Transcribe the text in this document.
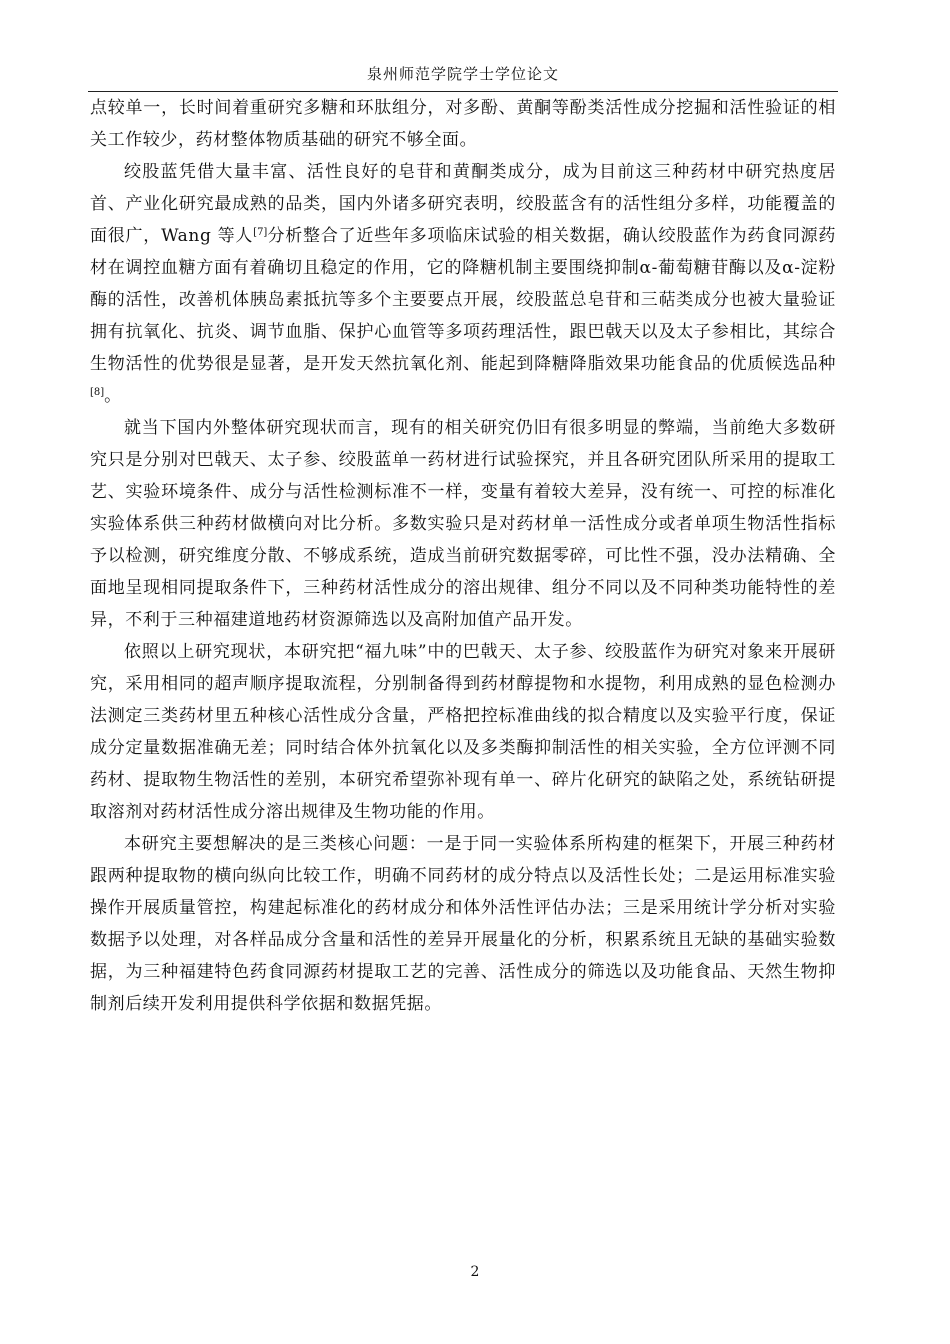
泉州师范学院学士学位论文

点较单一，长时间着重研究多糖和环肽组分，对多酚、黄酮等酚类活性成分挖掘和活性验证的相关工作较少，药材整体物质基础的研究不够全面。

绞股蓝凭借大量丰富、活性良好的皂苷和黄酮类成分，成为目前这三种药材中研究热度居首、产业化研究最成熟的品类，国内外诸多研究表明，绞股蓝含有的活性组分多样，功能覆盖的面很广，Wang 等人[7]分析整合了近些年多项临床试验的相关数据，确认绞股蓝作为药食同源药材在调控血糖方面有着确切且稳定的作用，它的降糖机制主要围绕抑制α-葡萄糖苷酶以及α-淀粉酶的活性，改善机体胰岛素抵抗等多个主要要点开展，绞股蓝总皂苷和三萜类成分也被大量验证拥有抗氧化、抗炎、调节血脂、保护心血管等多项药理活性，跟巴戟天以及太子参相比，其综合生物活性的优势很是显著，是开发天然抗氧化剂、能起到降糖降脂效果功能食品的优质候选品种[8]。

就当下国内外整体研究现状而言，现有的相关研究仍旧有很多明显的弊端，当前绝大多数研究只是分别对巴戟天、太子参、绞股蓝单一药材进行试验探究，并且各研究团队所采用的提取工艺、实验环境条件、成分与活性检测标准不一样，变量有着较大差异，没有统一、可控的标准化实验体系供三种药材做横向对比分析。多数实验只是对药材单一活性成分或者单项生物活性指标予以检测，研究维度分散、不够成系统，造成当前研究数据零碎，可比性不强，没办法精确、全面地呈现相同提取条件下，三种药材活性成分的溶出规律、组分不同以及不同种类功能特性的差异，不利于三种福建道地药材资源筛选以及高附加值产品开发。

依照以上研究现状，本研究把“福九味”中的巴戟天、太子参、绞股蓝作为研究对象来开展研究，采用相同的超声顺序提取流程，分别制备得到药材醇提物和水提物，利用成熟的显色检测办法测定三类药材里五种核心活性成分含量，严格把控标准曲线的拟合精度以及实验平行度，保证成分定量数据准确无差；同时结合体外抗氧化以及多类酶抑制活性的相关实验，全方位评测不同药材、提取物生物活性的差别，本研究希望弥补现有单一、碎片化研究的缺陷之处，系统钻研提取溶剂对药材活性成分溶出规律及生物功能的作用。

本研究主要想解决的是三类核心问题：一是于同一实验体系所构建的框架下，开展三种药材跟两种提取物的横向纵向比较工作，明确不同药材的成分特点以及活性长处；二是运用标准实验操作开展质量管控，构建起标准化的药材成分和体外活性评估办法；三是采用统计学分析对实验数据予以处理，对各样品成分含量和活性的差异开展量化的分析，积累系统且无缺的基础实验数据，为三种福建特色药食同源药材提取工艺的完善、活性成分的筛选以及功能食品、天然生物抑制剂后续开发利用提供科学依据和数据凭据。

2
